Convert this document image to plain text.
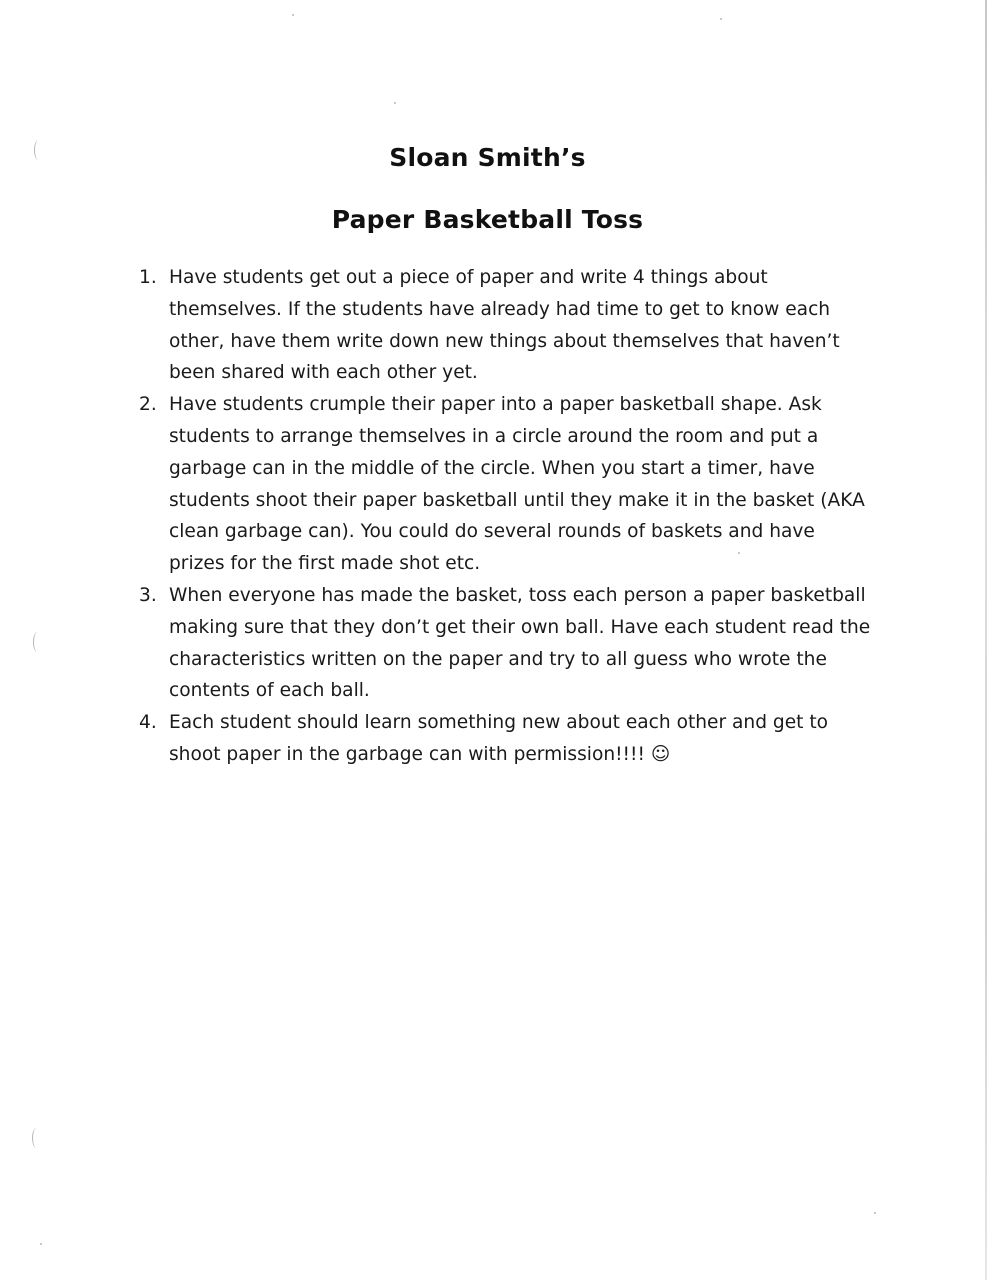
Sloan Smith’s
Paper Basketball Toss
1. Have students get out a piece of paper and write 4 things about themselves. If the students have already had time to get to know each other, have them write down new things about themselves that haven’t been shared with each other yet.
2. Have students crumple their paper into a paper basketball shape. Ask students to arrange themselves in a circle around the room and put a garbage can in the middle of the circle. When you start a timer, have students shoot their paper basketball until they make it in the basket (AKA clean garbage can). You could do several rounds of baskets and have prizes for the first made shot etc.
3. When everyone has made the basket, toss each person a paper basketball making sure that they don’t get their own ball. Have each student read the characteristics written on the paper and try to all guess who wrote the contents of each ball.
4. Each student should learn something new about each other and get to shoot paper in the garbage can with permission!!!! ☺
